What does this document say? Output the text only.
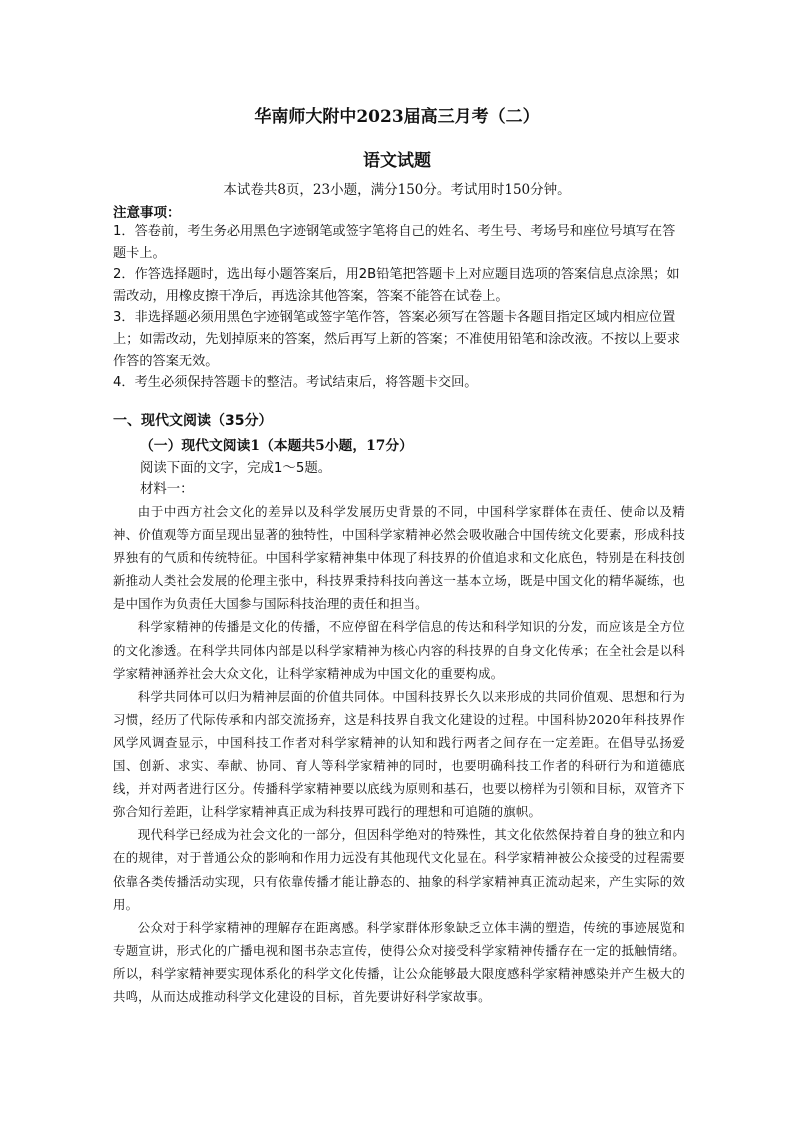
华南师大附中2023届高三月考（二）
语文试题
本试卷共8页，23小题，满分150分。考试用时150分钟。
注意事项：

1．答卷前，考生务必用黑色字迹钢笔或签字笔将自己的姓名、考生号、考场号和座位号填写在答题卡上。

2．作答选择题时，选出每小题答案后，用2B铅笔把答题卡上对应题目选项的答案信息点涂黑；如需改动，用橡皮擦干净后，再选涂其他答案，答案不能答在试卷上。

3．非选择题必须用黑色字迹钢笔或签字笔作答，答案必须写在答题卡各题目指定区域内相应位置上；如需改动，先划掉原来的答案，然后再写上新的答案；不准使用铅笔和涂改液。不按以上要求作答的答案无效。

4．考生必须保持答题卡的整洁。考试结束后，将答题卡交回。

一、现代文阅读（35分）
（一）现代文阅读1（本题共5小题，17分）
阅读下面的文字，完成1～5题。
材料一：

由于中西方社会文化的差异以及科学发展历史背景的不同，中国科学家群体在责任、使命以及精神、价值观等方面呈现出显著的独特性，中国科学家精神必然会吸收融合中国传统文化要素，形成科技界独有的气质和传统特征。中国科学家精神集中体现了科技界的价值追求和文化底色，特别是在科技创新推动人类社会发展的伦理主张中，科技界秉持科技向善这一基本立场，既是中国文化的精华凝练，也是中国作为负责任大国参与国际科技治理的责任和担当。

科学家精神的传播是文化的传播，不应停留在科学信息的传达和科学知识的分发，而应该是全方位的文化渗透。在科学共同体内部是以科学家精神为核心内容的科技界的自身文化传承；在全社会是以科学家精神涵养社会大众文化，让科学家精神成为中国文化的重要构成。

科学共同体可以归为精神层面的价值共同体。中国科技界长久以来形成的共同价值观、思想和行为习惯，经历了代际传承和内部交流扬弃，这是科技界自我文化建设的过程。中国科协2020年科技界作风学风调查显示，中国科技工作者对科学家精神的认知和践行两者之间存在一定差距。在倡导弘扬爱国、创新、求实、奉献、协同、育人等科学家精神的同时，也要明确科技工作者的科研行为和道德底线，并对两者进行区分。传播科学家精神要以底线为原则和基石，也要以榜样为引领和目标，双管齐下弥合知行差距，让科学家精神真正成为科技界可践行的理想和可追随的旗帜。

现代科学已经成为社会文化的一部分，但因科学绝对的特殊性，其文化依然保持着自身的独立和内在的规律，对于普通公众的影响和作用力远没有其他现代文化显在。科学家精神被公众接受的过程需要依靠各类传播活动实现，只有依靠传播才能让静态的、抽象的科学家精神真正流动起来，产生实际的效用。

公众对于科学家精神的理解存在距离感。科学家群体形象缺乏立体丰满的塑造，传统的事迹展览和专题宣讲，形式化的广播电视和图书杂志宣传，使得公众对接受科学家精神传播存在一定的抵触情绪。所以，科学家精神要实现体系化的科学文化传播，让公众能够最大限度感科学家精神感染并产生极大的共鸣，从而达成推动科学文化建设的目标，首先要讲好科学家故事。
